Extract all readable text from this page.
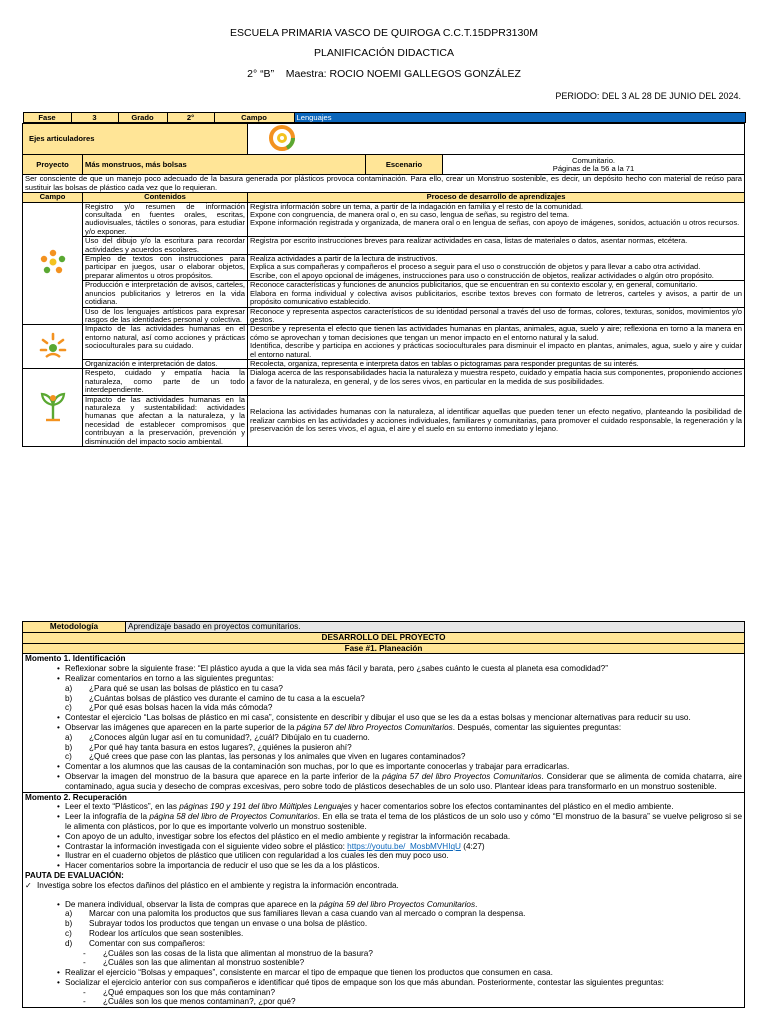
ESCUELA PRIMARIA VASCO DE QUIROGA C.C.T.15DPR3130M
PLANIFICACIÓN DIDACTICA
2° “B” Maestra: ROCIO NOEMI GALLEGOS GONZÁLEZ
PERIODO: DEL 3 AL 28 DE JUNIO DEL 2024.
Fase	3	Grado	2°	Campo	Lenguajes

Ejes articuladores	
Proyecto	Más monstruos, más bolsas	Escenario	Comunitario.
Páginas de la 56 a la 71

Ser consciente de que un manejo poco adecuado de la basura generada por plásticos provoca contaminación. Para ello, crear un Monstruo sostenible, es decir, un depósito hecho con material de reúso para sustituir las bolsas de plástico cada vez que lo requieran.
Campo	Contenidos	Proceso de desarrollo de aprendizajes
	Registro y/o resumen de información consultada en fuentes orales, escritas, audiovisuales, táctiles o sonoras, para estudiar y/o exponer.	Registra información sobre un tema, a partir de la indagación en familia y el resto de la comunidad.
Expone con congruencia, de manera oral o, en su caso, lengua de señas, su registro del tema.
Expone información registrada y organizada, de manera oral o en lengua de señas, con apoyo de imágenes, sonidos, actuación u otros recursos.
Uso del dibujo y/o la escritura para recordar actividades y acuerdos escolares.	Registra por escrito instrucciones breves para realizar actividades en casa, listas de materiales o datos, asentar normas, etcétera.
Empleo de textos con instrucciones para participar en juegos, usar o elaborar objetos, preparar alimentos u otros propósitos.	Realiza actividades a partir de la lectura de instructivos.
Explica a sus compañeras y compañeros el proceso a seguir para el uso o construcción de objetos y para llevar a cabo otra actividad.
Escribe, con el apoyo opcional de imágenes, instrucciones para uso o construcción de objetos, realizar actividades o algún otro propósito.
Producción e interpretación de avisos, carteles, anuncios publicitarios y letreros en la vida cotidiana.	Reconoce características y funciones de anuncios publicitarios, que se encuentran en su contexto escolar y, en general, comunitario.
Elabora en forma individual y colectiva avisos publicitarios, escribe textos breves con formato de letreros, carteles y avisos, a partir de un propósito comunicativo establecido.
Uso de los lenguajes artísticos para expresar rasgos de las identidades personal y colectiva.	Reconoce y representa aspectos característicos de su identidad personal a través del uso de formas, colores, texturas, sonidos, movimientos y/o gestos.
	Impacto de las actividades humanas en el entorno natural, así como acciones y prácticas socioculturales para su cuidado.	Describe y representa el efecto que tienen las actividades humanas en plantas, animales, agua, suelo y aire; reflexiona en torno a la manera en cómo se aprovechan y toman decisiones que tengan un menor impacto en el entorno natural y la salud.
Identifica, describe y participa en acciones y prácticas socioculturales para disminuir el impacto en plantas, animales, agua, suelo y aire y cuidar el entorno natural.
Organización e interpretación de datos.	Recolecta, organiza, representa e interpreta datos en tablas o pictogramas para responder preguntas de su interés.
	Respeto, cuidado y empatía hacia la naturaleza, como parte de un todo interdependiente.	Dialoga acerca de las responsabilidades hacia la naturaleza y muestra respeto, cuidado y empatía hacia sus componentes, proponiendo acciones a favor de la naturaleza, en general, y de los seres vivos, en particular en la medida de sus posibilidades.
Impacto de las actividades humanas en la naturaleza y sustentabilidad: actividades humanas que afectan a la naturaleza, y la necesidad de establecer compromisos que contribuyan a la preservación, prevención y disminución del impacto socio ambiental.	Relaciona las actividades humanas con la naturaleza, al identificar aquellas que pueden tener un efecto negativo, planteando la posibilidad de realizar cambios en las actividades y acciones individuales, familiares y comunitarias, para promover el cuidado responsable, la regeneración y la preservación de los seres vivos, el agua, el aire y el suelo en su entorno inmediato y lejano.
Metodología	Aprendizaje basado en proyectos comunitarios.
DESARROLLO DEL PROYECTO
Fase #1. Planeación

Momento 1. Identificación
• Reflexionar sobre la siguiente frase: “El plástico ayuda a que la vida sea más fácil y barata, pero ¿sabes cuánto le cuesta al planeta esa comodidad?”
• Realizar comentarios en torno a las siguientes preguntas:
a) ¿Para qué se usan las bolsas de plástico en tu casa?
b) ¿Cuántas bolsas de plástico ves durante el camino de tu casa a la escuela?
c) ¿Por qué esas bolsas hacen la vida más cómoda?
• Contestar el ejercicio “Las bolsas de plástico en mi casa”, consistente en describir y dibujar el uso que se les da a estas bolsas y mencionar alternativas para reducir su uso.
• Observar las imágenes que aparecen en la parte superior de la página 57 del libro Proyectos Comunitarios. Después, comentar las siguientes preguntas:
a) ¿Conoces algún lugar así en tu comunidad?, ¿cuál? Dibújalo en tu cuaderno.
b) ¿Por qué hay tanta basura en estos lugares?, ¿quiénes la pusieron ahí?
c) ¿Qué crees que pase con las plantas, las personas y los animales que viven en lugares contaminados?
• Comentar a los alumnos que las causas de la contaminación son muchas, por lo que es importante conocerlas y trabajar para erradicarlas.
• Observar la imagen del monstruo de la basura que aparece en la parte inferior de la página 57 del libro Proyectos Comunitarios. Considerar que se alimenta de comida chatarra, aire contaminado, agua sucia y desecho de compras excesivas, pero sobre todo de plásticos desechables de un solo uso. Plantear ideas para transformarlo en un monstruo sostenible.

Momento 2. Recuperación
• Leer el texto “Plásticos”, en las páginas 190 y 191 del libro Múltiples Lenguajes y hacer comentarios sobre los efectos contaminantes del plástico en el medio ambiente.
• Leer la infografía de la página 58 del libro de Proyectos Comunitarios. En ella se trata el tema de los plásticos de un solo uso y cómo “El monstruo de la basura” se vuelve peligroso si se le alimenta con plásticos, por lo que es importante volverlo un monstruo sostenible.
• Con apoyo de un adulto, investigar sobre los efectos del plástico en el medio ambiente y registrar la información recabada.
• Contrastar la información investigada con el siguiente video sobre el plástico: https://youtu.be/_MosbMVHIqU (4:27)
• Ilustrar en el cuaderno objetos de plástico que utilicen con regularidad a los cuales les den muy poco uso.
• Hacer comentarios sobre la importancia de reducir el uso que se les da a los plásticos.
PAUTA DE EVALUACIÓN:
✓ Investiga sobre los efectos dañinos del plástico en el ambiente y registra la información encontrada.
• De manera individual, observar la lista de compras que aparece en la página 59 del libro Proyectos Comunitarios.
a) Marcar con una palomita los productos que sus familiares llevan a casa cuando van al mercado o compran la despensa.
b) Subrayar todos los productos que tengan un envase o una bolsa de plástico.
c) Rodear los artículos que sean sostenibles.
d) Comentar con sus compañeros:
- ¿Cuáles son las cosas de la lista que alimentan al monstruo de la basura?
- ¿Cuáles son las que alimentan al monstruo sostenible?
• Realizar el ejercicio “Bolsas y empaques”, consistente en marcar el tipo de empaque que tienen los productos que consumen en casa.
• Socializar el ejercicio anterior con sus compañeros e identificar qué tipos de empaque son los que más abundan. Posteriormente, contestar las siguientes preguntas:
- ¿Qué empaques son los que más contaminan?
- ¿Cuáles son los que menos contaminan?, ¿por qué?
